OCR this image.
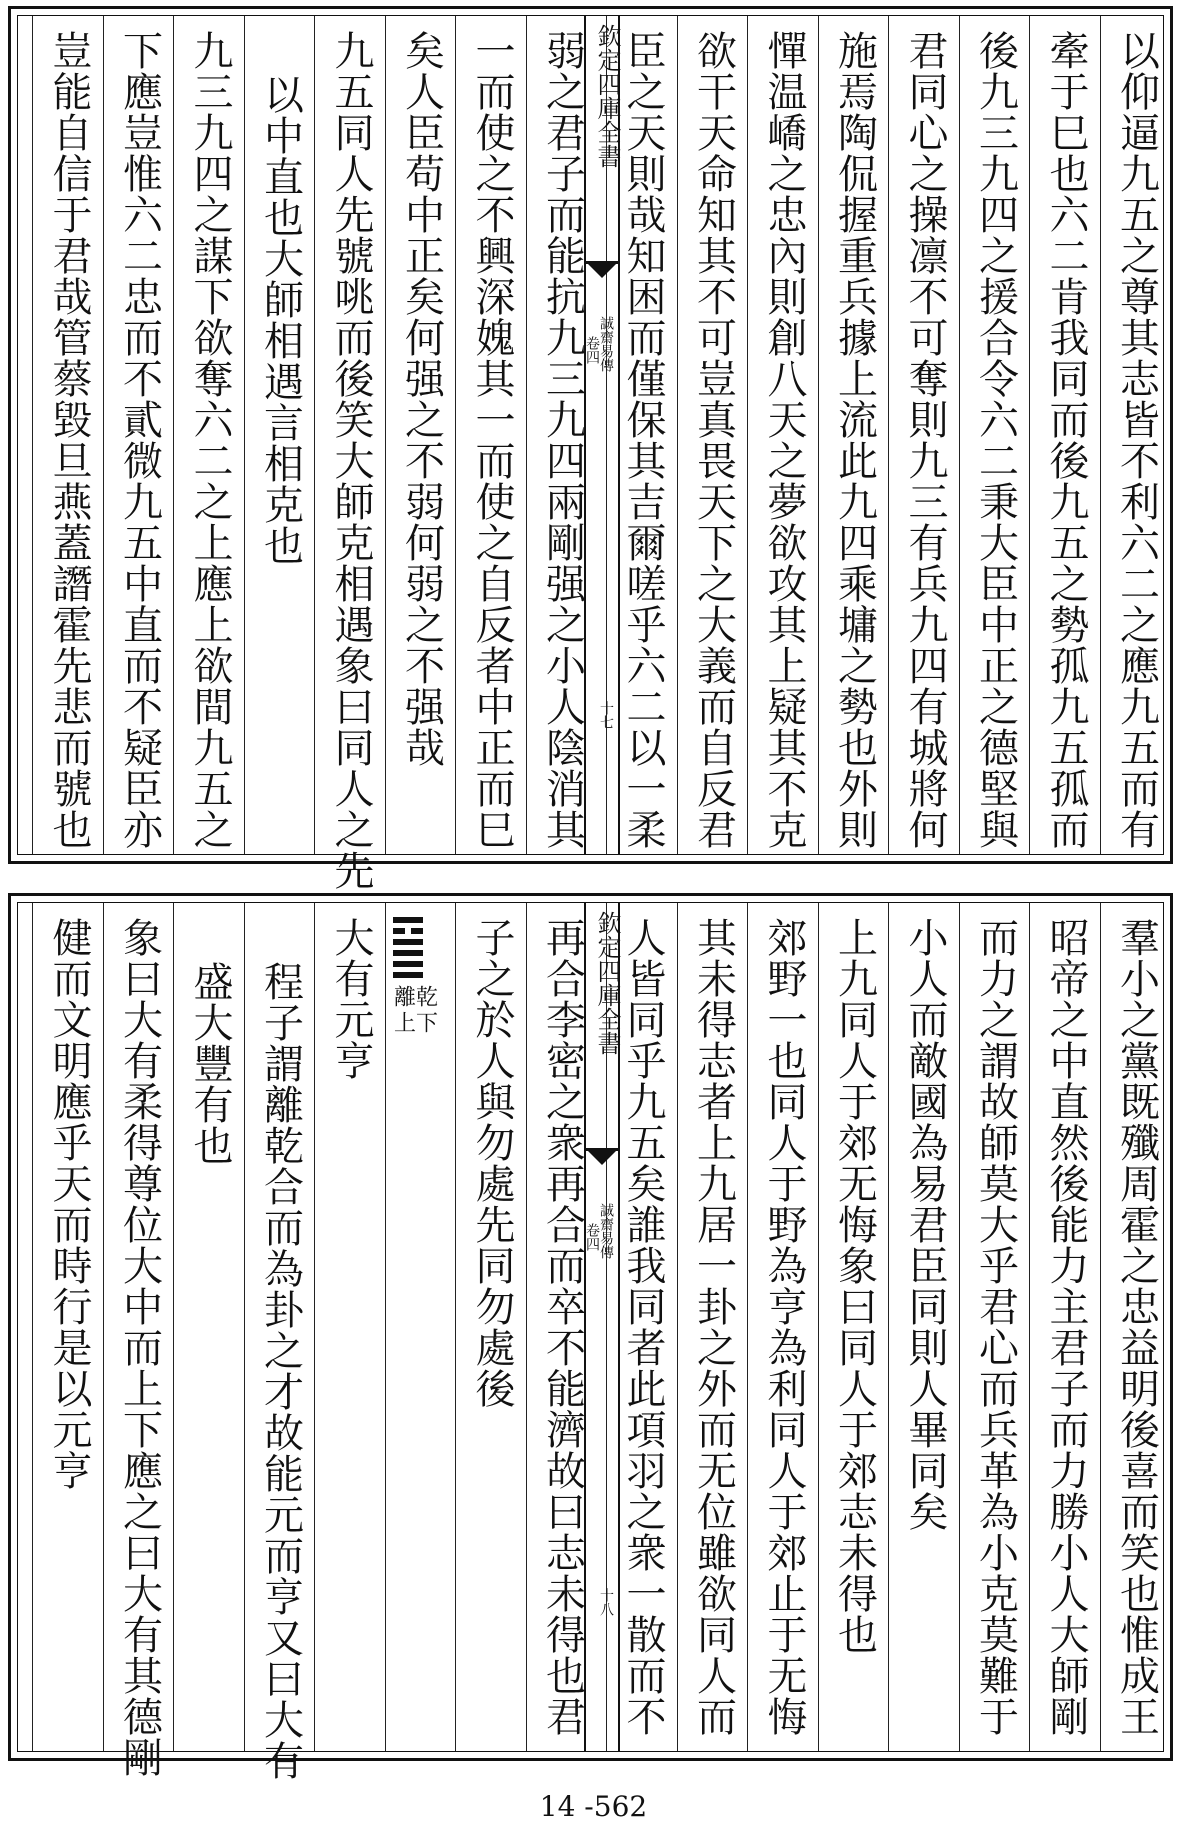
以仰逼九五之尊其志皆不利六二之應九五而有
牽于巳也六二肯我同而後九五之勢孤九五孤而
後九三九四之援合令六二秉大臣中正之德堅與
君同心之操凛不可奪則九三有兵九四有城將何
施焉陶侃握重兵據上流此九四乘墉之勢也外則
憚温嶠之忠內則創八天之夢欲攻其上疑其不克
欲干天命知其不可豈真畏天下之大義而自反君
臣之天則哉知困而僅保其吉爾嗟乎六二以一柔
欽定四庫全書
誠齋易傳
卷四
十七
弱之君子而能抗九三九四兩剛强之小人陰消其
一而使之不興深媿其一而使之自反者中正而巳
矣人臣苟中正矣何强之不弱何弱之不强哉
九五同人先號咷而後笑大師克相遇象曰同人之先
以中直也大師相遇言相克也
九三九四之謀下欲奪六二之上應上欲間九五之
下應豈惟六二忠而不貳微九五中直而不疑臣亦
豈能自信于君哉管蔡毀旦燕蓋譖霍先悲而號也
羣小之黨既殲周霍之忠益明後喜而笑也惟成王
昭帝之中直然後能力主君子而力勝小人大師剛
而力之謂故師莫大乎君心而兵革為小克莫難于
小人而敵國為易君臣同則人畢同矣
上九同人于郊无悔象曰同人于郊志未得也
郊野一也同人于野為亨為利同人于郊止于无悔
其未得志者上九居一卦之外而无位雖欲同人而
人皆同乎九五矣誰我同者此項羽之衆一散而不
欽定四庫全書
誠齋易傳
卷四
十八
再合李密之衆再合而卒不能濟故曰志未得也君
子之於人與勿處先同勿處後
乾
下
離
上
大有元亨
程子謂離乾合而為卦之才故能元而亨又曰大有
盛大豐有也
象曰大有柔得尊位大中而上下應之曰大有其德剛
健而文明應乎天而時行是以元亨
14 -562
